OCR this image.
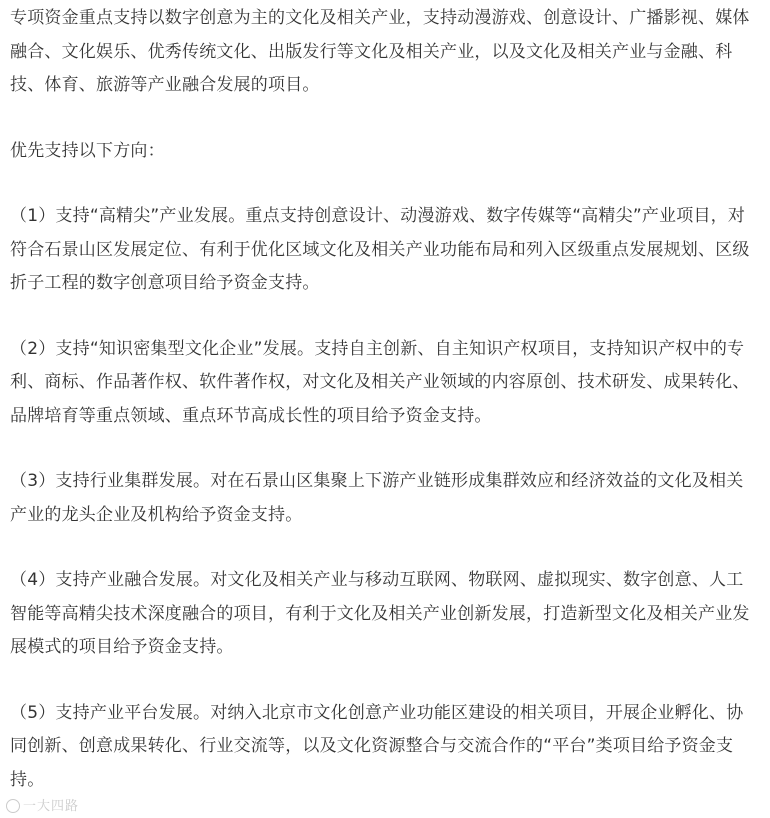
专项资金重点支持以数字创意为主的文化及相关产业，支持动漫游戏、创意设计、广播影视、媒体融合、文化娱乐、优秀传统文化、出版发行等文化及相关产业，以及文化及相关产业与金融、科技、体育、旅游等产业融合发展的项目。

优先支持以下方向：

（1）支持“高精尖”产业发展。重点支持创意设计、动漫游戏、数字传媒等“高精尖”产业项目，对符合石景山区发展定位、有利于优化区域文化及相关产业功能布局和列入区级重点发展规划、区级折子工程的数字创意项目给予资金支持。

（2）支持“知识密集型文化企业”发展。支持自主创新、自主知识产权项目，支持知识产权中的专利、商标、作品著作权、软件著作权，对文化及相关产业领域的内容原创、技术研发、成果转化、品牌培育等重点领域、重点环节高成长性的项目给予资金支持。

（3）支持行业集群发展。对在石景山区集聚上下游产业链形成集群效应和经济效益的文化及相关产业的龙头企业及机构给予资金支持。

（4）支持产业融合发展。对文化及相关产业与移动互联网、物联网、虚拟现实、数字创意、人工智能等高精尖技术深度融合的项目，有利于文化及相关产业创新发展，打造新型文化及相关产业发展模式的项目给予资金支持。

（5）支持产业平台发展。对纳入北京市文化创意产业功能区建设的相关项目，开展企业孵化、协同创新、创意成果转化、行业交流等，以及文化资源整合与交流合作的“平台”类项目给予资金支持。

一大四路
